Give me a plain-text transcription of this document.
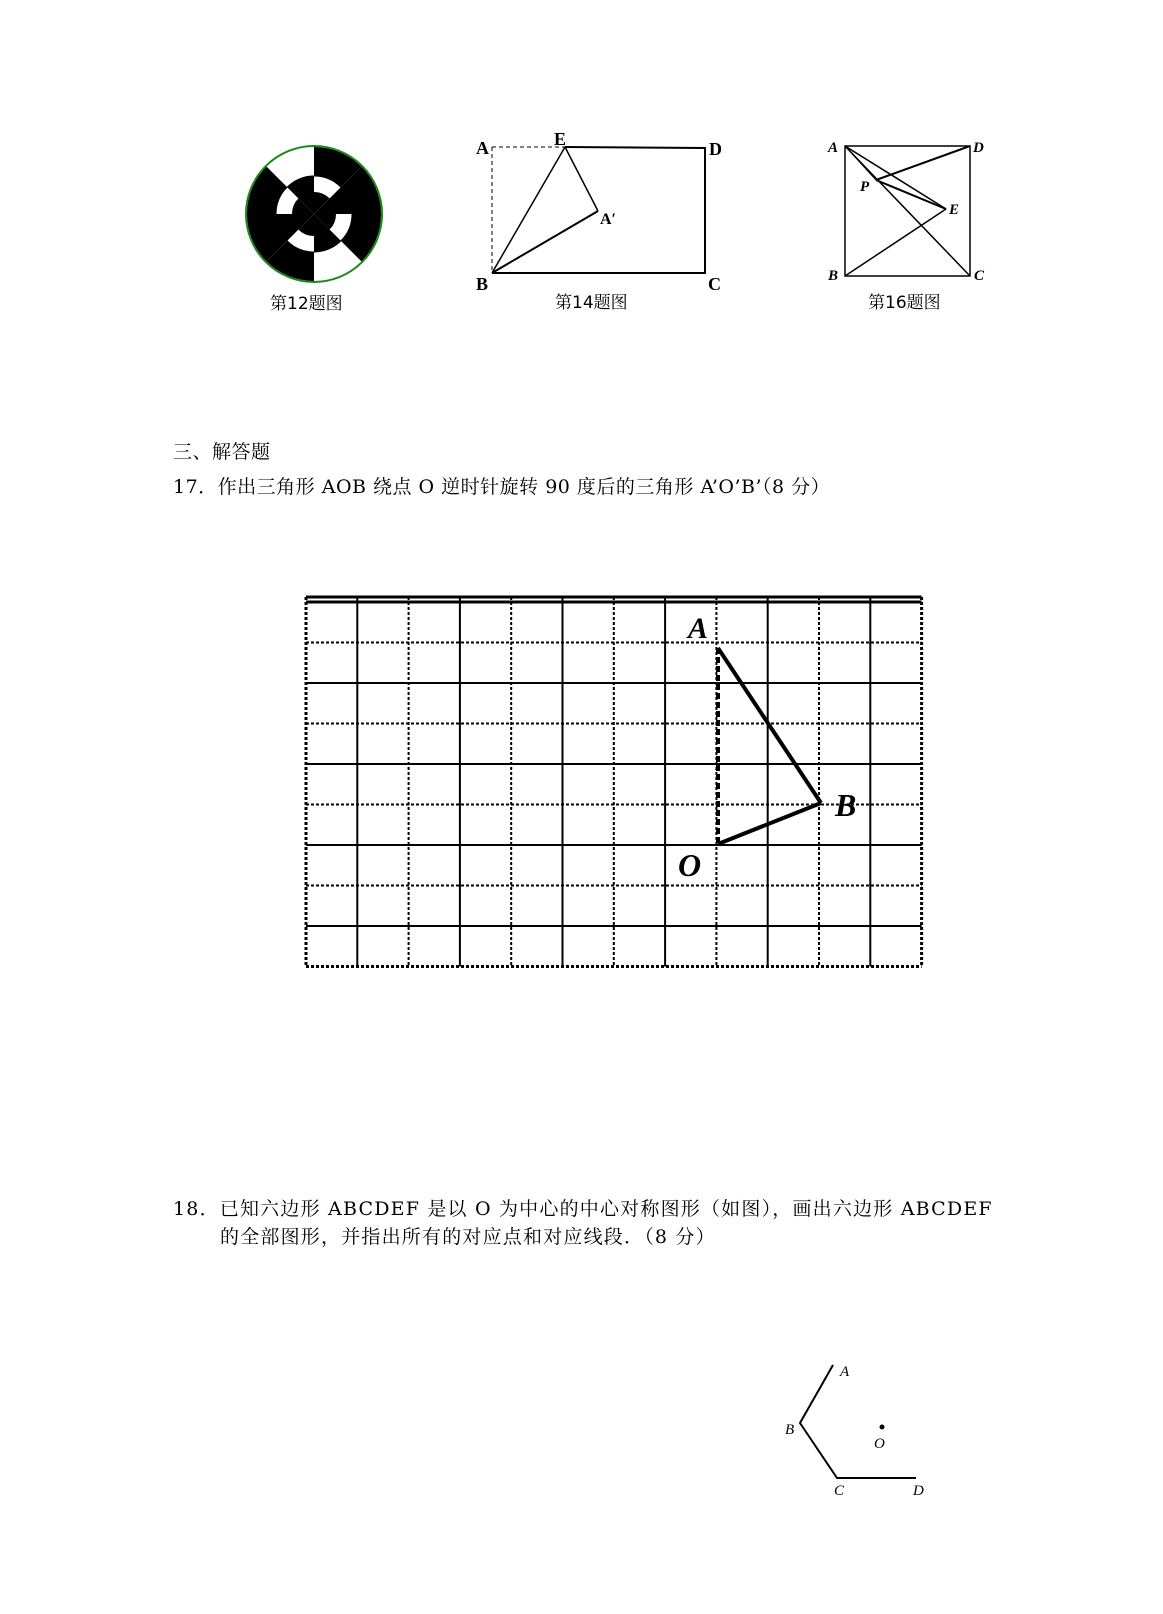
第12题图
A	E	D
A′
B	C
第14题图
A	D
P
E
B	C
第16题图
三、解答题
17．作出三角形 AOB 绕点 O 逆时针旋转 90 度后的三角形 A’O’B’（8 分）
A
B
O
18．已知六边形 ABCDEF 是以 O 为中心的中心对称图形（如图），画出六边形 ABCDEF
的全部图形，并指出所有的对应点和对应线段．（8 分）
A
B
O
C	D
